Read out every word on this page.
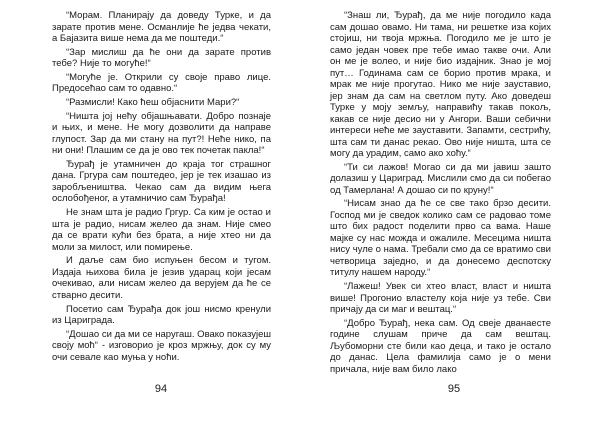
“Морам. Планирају да доведу Турке, и да зарате против мене. Османлије ће једва чекати, а Бајазита више нема да ме поштеди.“

“Зар мислиш да ће они да зарате против тебе? Није то могуће!“

“Могуће је. Открили су своје право лице. Предосећао сам то одавно.“

“Размисли! Како ћеш објаснити Мари?“

“Ништа јој нећу објашњавати. Добро познаје и њих, и мене. Не могу дозволити да направе глупост. Зар да ми стану на пут?! Неће нико, па ни они! Плашим се да је ово тек почетак пакла!“

Ђурађ је утамничен до краја тог страшног дана. Гргура сам поштедео, јер је тек изашао из заробљеништва. Чекао сам да видим њега ослобођеног, а утамничио сам Ђурађа!

Не знам шта је радио Гргур. Са ким је остао и шта је радио, нисам желео да знам. Није смео да се врати кући без брата, а није хтео ни да моли за милост, или помирење.

И даље сам био испуњен бесом и тугом. Издаја њихова била је језив ударац који јесам очекивао, али нисам желео да верујем да ће се стварно десити.

Посетио сам Ђурађа док још нисмо кренули из Цариграда.

“Дошао си да ми се наругаш. Овако показујеш своју моћ“ - изговорио је кроз мржњу, док су му очи севале као муња у ноћи.

94

“Знаш ли, Ђурађ, да ме није погодило када сам дошао овамо. Ни тама, ни решетке иза којих стојиш, ни твоја мржња. Погодило ме је што је само један човек пре тебе имао такве очи. Али он ме је волео, и није био издајник. Знао је мој пут… Годинама сам се борио против мрака, и мрак ме није прогутао. Нико ме није зауставио, јер знам да сам на светлом путу. Ако доведеш Турке у моју земљу, направићу такав покољ, какав се није десио ни у Ангори. Ваши себични интереси неће ме зауставити. Запамти, сестрићу, шта сам ти данас рекао. Ово није ништа, шта се могу да урадим, само ако хоћу.“

“Ти си лажов! Могао си да ми јавиш зашто долазиш у Цариград. Мислили смо да си побегао од Тамерлана! А дошао си по круну!“

“Нисам знао да ће се све тако брзо десити. Господ ми је сведок колико сам се радовао томе што бих радост поделити прво са вама. Наше мајке су нас можда и ожалиле. Месецима ништа нису чуле о нама. Требали смо да се вратимо сви четворица заједно, и да донесемо деспотску титулу нашем народу.“

“Лажеш! Увек си хтео власт, власт и ништа више! Прогонио властелу која није уз тебе. Сви причају да си маг и вештац.“

“Добро Ђурађ, нека сам. Од свеје дванаесте године слушам приче да сам вештац. Љубоморни сте били као деца, и тако је остало до данас. Цела фамилија само је о мени причала, није вам било лако

95
